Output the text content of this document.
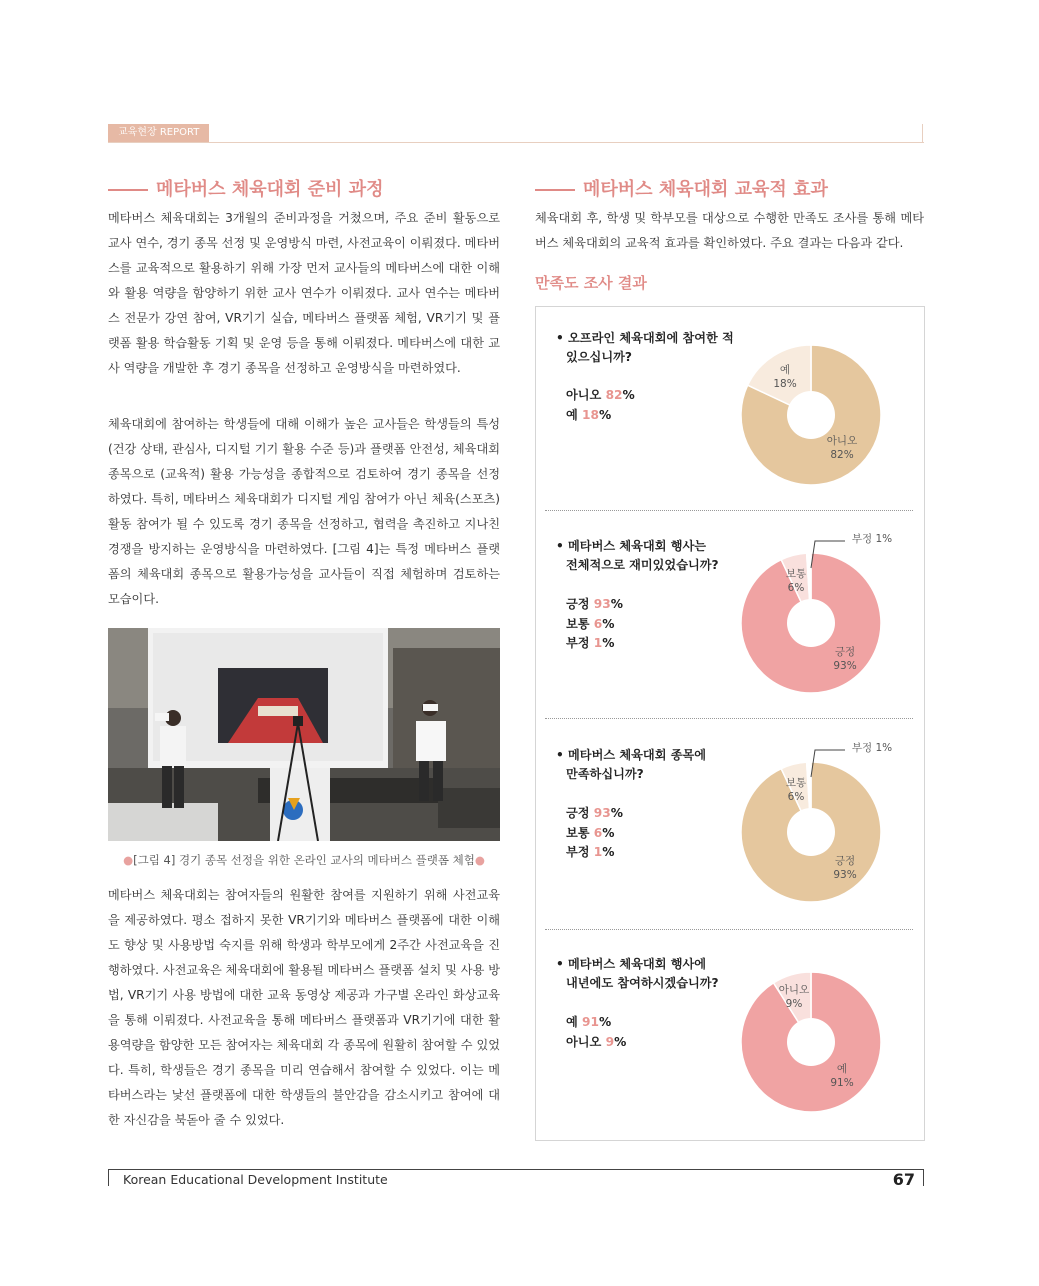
교육현장 REPORT
메타버스 체육대회 준비 과정
메타버스 체육대회는 3개월의 준비과정을 거쳤으며, 주요 준비 활동으로 교사 연수, 경기 종목 선정 및 운영방식 마련, 사전교육이 이뤄졌다. 메타버스를 교육적으로 활용하기 위해 가장 먼저 교사들의 메타버스에 대한 이해와 활용 역량을 함양하기 위한 교사 연수가 이뤄졌다. 교사 연수는 메타버스 전문가 강연 참여, VR기기 실습, 메타버스 플랫폼 체험, VR기기 및 플랫폼 활용 학습활동 기획 및 운영 등을 통해 이뤄졌다. 메타버스에 대한 교사 역량을 개발한 후 경기 종목을 선정하고 운영방식을 마련하였다.
체육대회에 참여하는 학생들에 대해 이해가 높은 교사들은 학생들의 특성(건강 상태, 관심사, 디지털 기기 활용 수준 등)과 플랫폼 안전성, 체육대회 종목으로 (교육적) 활용 가능성을 종합적으로 검토하여 경기 종목을 선정하였다. 특히, 메타버스 체육대회가 디지털 게임 참여가 아닌 체육(스포츠)활동 참여가 될 수 있도록 경기 종목을 선정하고, 협력을 촉진하고 지나친 경쟁을 방지하는 운영방식을 마련하였다. [그림 4]는 특정 메타버스 플랫폼의 체육대회 종목으로 활용가능성을 교사들이 직접 체험하며 검토하는 모습이다.
●[그림 4] 경기 종목 선정을 위한 온라인 교사의 메타버스 플랫폼 체험●
메타버스 체육대회는 참여자들의 원활한 참여를 지원하기 위해 사전교육을 제공하였다. 평소 접하지 못한 VR기기와 메타버스 플랫폼에 대한 이해도 향상 및 사용방법 숙지를 위해 학생과 학부모에게 2주간 사전교육을 진행하였다. 사전교육은 체육대회에 활용될 메타버스 플랫폼 설치 및 사용 방법, VR기기 사용 방법에 대한 교육 동영상 제공과 가구별 온라인 화상교육을 통해 이뤄졌다. 사전교육을 통해 메타버스 플랫폼과 VR기기에 대한 활용역량을 함양한 모든 참여자는 체육대회 각 종목에 원활히 참여할 수 있었다. 특히, 학생들은 경기 종목을 미리 연습해서 참여할 수 있었다. 이는 메타버스라는 낯선 플랫폼에 대한 학생들의 불안감을 감소시키고 참여에 대한 자신감을 북돋아 줄 수 있었다.
메타버스 체육대회 교육적 효과
체육대회 후, 학생 및 학부모를 대상으로 수행한 만족도 조사를 통해 메타버스 체육대회의 교육적 효과를 확인하였다. 주요 결과는 다음과 같다.
만족도 조사 결과
• 오프라인 체육대회에 참여한 적
있으십니까?
아니오 82%
예 18%
아니오
82%
예
18%
• 메타버스 체육대회 행사는
전체적으로 재미있었습니까?
긍정 93%
보통 6%
부정 1%
긍정
93%
보통
6%
부정 1%
• 메타버스 체육대회 종목에
만족하십니까?
긍정 93%
보통 6%
부정 1%
긍정
93%
보통
6%
부정 1%
• 메타버스 체육대회 행사에
내년에도 참여하시겠습니까?
예 91%
아니오 9%
예
91%
아니오
9%
Korean Educational Development Institute	67
